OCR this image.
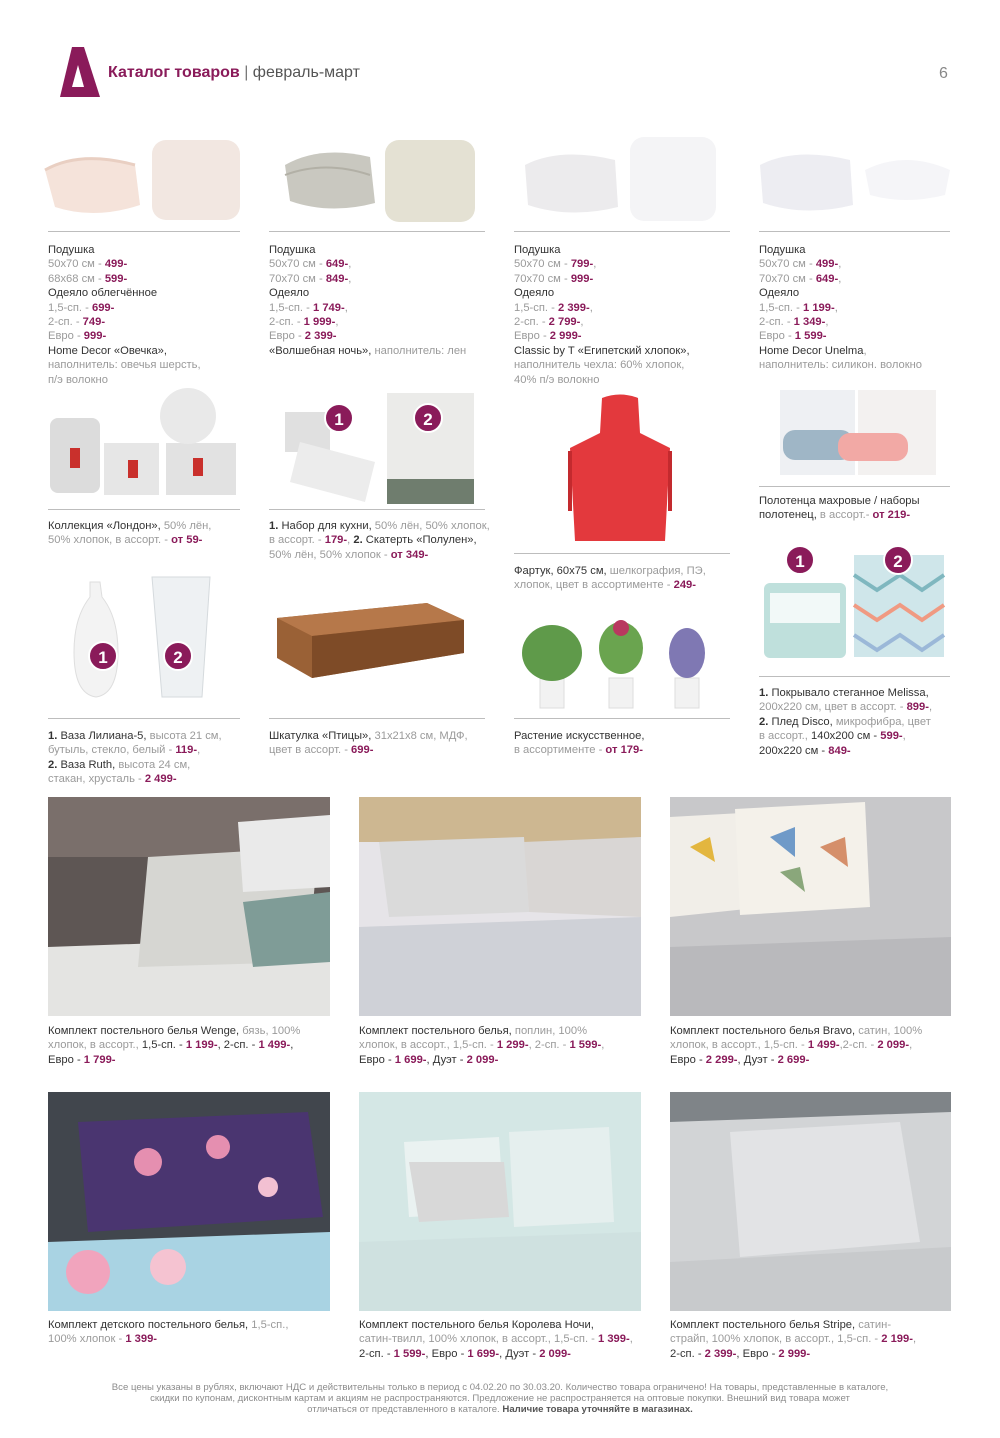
Каталог товаров | февраль-март	6
Подушка
50х70 см - 499-
68х68 см - 599-
Одеяло облегчённое
1,5-сп. - 699-
2-сп. - 749-
Евро - 999-
Home Decor «Овечка»,
наполнитель: овечья шерсть,
п/э волокно
Подушка
50х70 см - 649-,
70х70 см - 849-,
Одеяло
1,5-сп. - 1 749-,
2-сп. - 1 999-,
Евро - 2 399-
«Волшебная ночь», наполнитель: лен
Подушка
50х70 см - 799-,
70х70 см - 999-
Одеяло
1,5-сп. - 2 399-,
2-сп. - 2 799-,
Евро - 2 999-
Classic by T «Египетский хлопок»,
наполнитель чехла: 60% хлопок,
40% п/э волокно
Подушка
50х70 см - 499-,
70х70 см - 649-,
Одеяло
1,5-сп. - 1 199-,
2-сп. - 1 349-,
Евро - 1 599-
Home Decor Unelma,
наполнитель: силикон. волокно
1	2
Коллекция «Лондон», 50% лён,
50% хлопок, в ассорт. - от 59-
1. Набор для кухни, 50% лён, 50% хлопок,
в ассорт. - 179-, 2. Скатерть «Полулен»,
50% лён, 50% хлопок - от 349-
Фартук, 60х75 см, шелкография, ПЭ,
хлопок, цвет в ассортименте - 249-
Полотенца махровые / наборы
полотенец, в ассорт.- от 219-
1	2
1	2
1. Ваза Лилиана-5, высота 21 см,
бутыль, стекло, белый - 119-,
2. Ваза Ruth, высота 24 см,
стакан, хрусталь - 2 499-
Шкатулка «Птицы», 31х21х8 см, МДФ,
цвет в ассорт. - 699-
Растение искусственное,
в ассортименте - от 179-
1. Покрывало стеганное Melissa,
200х220 см, цвет в ассорт. - 899-,
2. Плед Disco, микрофибра, цвет
в ассорт., 140х200 см - 599-,
200х220 см - 849-
Комплект постельного белья Wenge, бязь, 100%
хлопок, в ассорт., 1,5-сп. - 1 199-, 2-сп. - 1 499-,
Евро - 1 799-
Комплект постельного белья, поплин, 100%
хлопок, в ассорт., 1,5-сп. - 1 299-, 2-сп. - 1 599-,
Евро - 1 699-, Дуэт - 2 099-
Комплект постельного белья Bravo, сатин, 100%
хлопок, в ассорт., 1,5-сп. - 1 499-,2-сп. - 2 099-,
Евро - 2 299-, Дуэт - 2 699-
Комплект детского постельного белья, 1,5-сп.,
100% хлопок - 1 399-
Комплект постельного белья Королева Ночи,
сатин-твилл, 100% хлопок, в ассорт., 1,5-сп. - 1 399-,
2-сп. - 1 599-, Евро - 1 699-, Дуэт - 2 099-
Комплект постельного белья Stripe, сатин-
страйп, 100% хлопок, в ассорт., 1,5-сп. - 2 199-,
2-сп. - 2 399-, Евро - 2 999-
Все цены указаны в рублях, включают НДС и действительны только в период с 04.02.20 по 30.03.20. Количество товара ограничено! На товары, представленные в каталоге,
скидки по купонам, дисконтным картам и акциям не распространяются. Предложение не распространяется на оптовые покупки. Внешний вид товара может
отличаться от представленного в каталоге. Наличие товара уточняйте в магазинах.
